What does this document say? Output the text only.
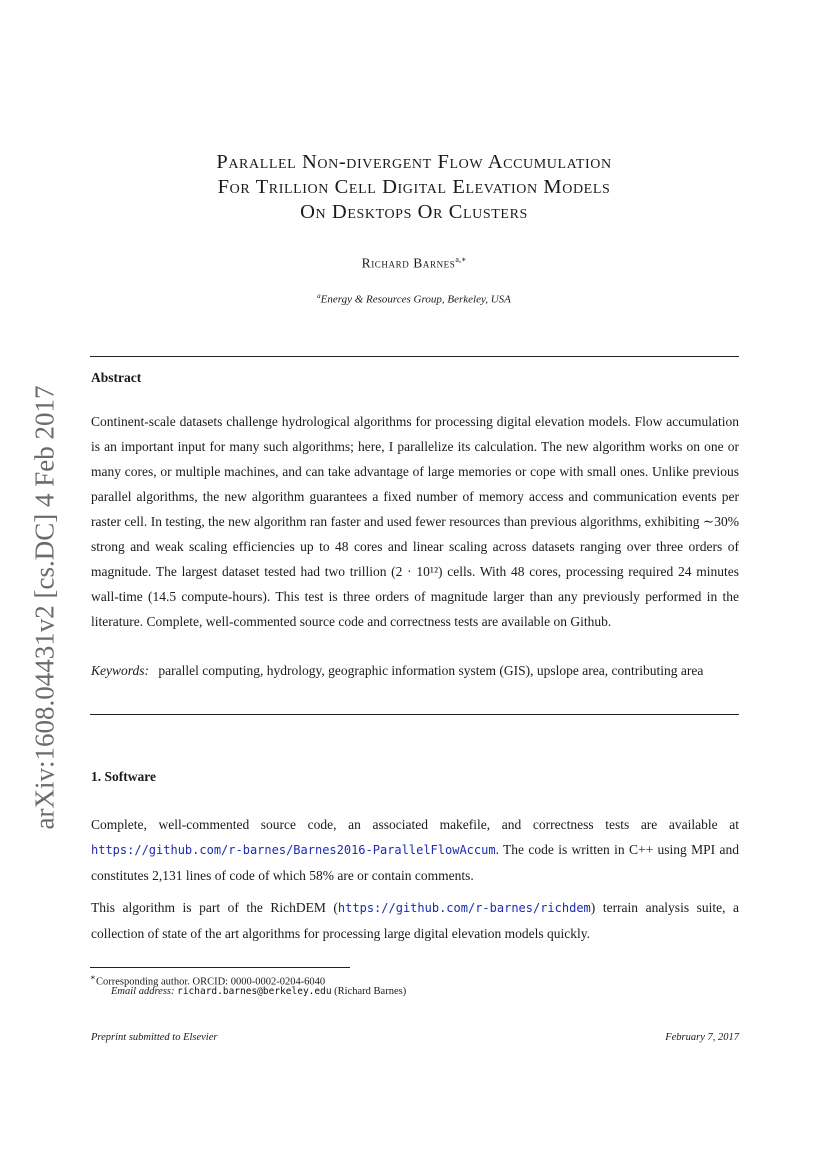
arXiv:1608.04431v2 [cs.DC] 4 Feb 2017
Parallel Non-divergent Flow Accumulation
For Trillion Cell Digital Elevation Models
On Desktops Or Clusters
Richard Barnes$^{a,∗}$
$^a$Energy & Resources Group, Berkeley, USA
Abstract
Continent-scale datasets challenge hydrological algorithms for processing digital elevation models. Flow accumulation is an important input for many such algorithms; here, I parallelize its calculation. The new algorithm works on one or many cores, or multiple machines, and can take advantage of large memories or cope with small ones. Unlike previous parallel algorithms, the new algorithm guarantees a fixed number of memory access and communication events per raster cell. In testing, the new algorithm ran faster and used fewer resources than previous algorithms, exhibiting ∼30% strong and weak scaling efficiencies up to 48 cores and linear scaling across datasets ranging over three orders of magnitude. The largest dataset tested had two trillion (2 · 10¹²) cells. With 48 cores, processing required 24 minutes wall-time (14.5 compute-hours). This test is three orders of magnitude larger than any previously performed in the literature. Complete, well-commented source code and correctness tests are available on Github.
Keywords: parallel computing, hydrology, geographic information system (GIS), upslope area, contributing area
1. Software
Complete, well-commented source code, an associated makefile, and correctness tests are available at https://github.com/r-barnes/Barnes2016-ParallelFlowAccum. The code is written in C++ using MPI and constitutes 2,131 lines of code of which 58% are or contain comments.
This algorithm is part of the RichDEM (https://github.com/r-barnes/richdem) terrain analysis suite, a collection of state of the art algorithms for processing large digital elevation models quickly.
∗Corresponding author. ORCID: 0000-0002-0204-6040
Email address: richard.barnes@berkeley.edu (Richard Barnes)
Preprint submitted to Elsevier	February 7, 2017
